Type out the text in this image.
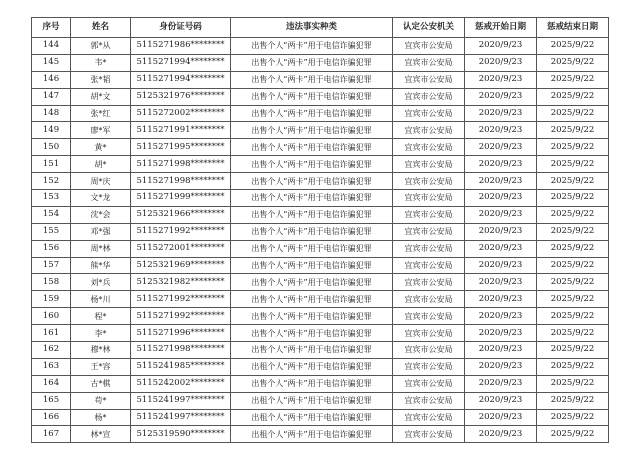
序号	姓名	身份证号码	违法事实种类	认定公安机关	惩戒开始日期	惩戒结束日期
144	郭*从	5115271986********	出售个人“两卡”用于电信诈骗犯罪	宜宾市公安局	2020/9/23	2025/9/22
145	韦*	5115271994********	出售个人“两卡”用于电信诈骗犯罪	宜宾市公安局	2020/9/23	2025/9/22
146	张*韬	5115271994********	出售个人“两卡”用于电信诈骗犯罪	宜宾市公安局	2020/9/23	2025/9/22
147	胡*文	5125321976********	出售个人“两卡”用于电信诈骗犯罪	宜宾市公安局	2020/9/23	2025/9/22
148	张*红	5115272002********	出售个人“两卡”用于电信诈骗犯罪	宜宾市公安局	2020/9/23	2025/9/22
149	廖*军	5115271991********	出售个人“两卡”用于电信诈骗犯罪	宜宾市公安局	2020/9/23	2025/9/22
150	黄*	5115271995********	出售个人“两卡”用于电信诈骗犯罪	宜宾市公安局	2020/9/23	2025/9/22
151	胡*	5115271998********	出售个人“两卡”用于电信诈骗犯罪	宜宾市公安局	2020/9/23	2025/9/22
152	周*庆	5115271998********	出售个人“两卡”用于电信诈骗犯罪	宜宾市公安局	2020/9/23	2025/9/22
153	文*龙	5115271999********	出售个人“两卡”用于电信诈骗犯罪	宜宾市公安局	2020/9/23	2025/9/22
154	沈*会	5125321966********	出售个人“两卡”用于电信诈骗犯罪	宜宾市公安局	2020/9/23	2025/9/22
155	邓*强	5115271992********	出售个人“两卡”用于电信诈骗犯罪	宜宾市公安局	2020/9/23	2025/9/22
156	周*林	5115272001********	出售个人“两卡”用于电信诈骗犯罪	宜宾市公安局	2020/9/23	2025/9/22
157	熊*华	5125321969********	出售个人“两卡”用于电信诈骗犯罪	宜宾市公安局	2020/9/23	2025/9/22
158	刘*兵	5125321982********	出售个人“两卡”用于电信诈骗犯罪	宜宾市公安局	2020/9/23	2025/9/22
159	杨*川	5115271992********	出售个人“两卡”用于电信诈骗犯罪	宜宾市公安局	2020/9/23	2025/9/22
160	程*	5115271992********	出售个人“两卡”用于电信诈骗犯罪	宜宾市公安局	2020/9/23	2025/9/22
161	李*	5115271996********	出售个人“两卡”用于电信诈骗犯罪	宜宾市公安局	2020/9/23	2025/9/22
162	穆*林	5115271998********	出售个人“两卡”用于电信诈骗犯罪	宜宾市公安局	2020/9/23	2025/9/22
163	王*容	5115241985********	出租个人“两卡”用于电信诈骗犯罪	宜宾市公安局	2020/9/23	2025/9/22
164	古*棋	5115242002********	出售个人“两卡”用于电信诈骗犯罪	宜宾市公安局	2020/9/23	2025/9/22
165	苟*	5115241997********	出租个人“两卡”用于电信诈骗犯罪	宜宾市公安局	2020/9/23	2025/9/22
166	杨*	5115241997********	出租个人“两卡”用于电信诈骗犯罪	宜宾市公安局	2020/9/23	2025/9/22
167	林*宣	5125319590********	出租个人“两卡”用于电信诈骗犯罪	宜宾市公安局	2020/9/23	2025/9/22
